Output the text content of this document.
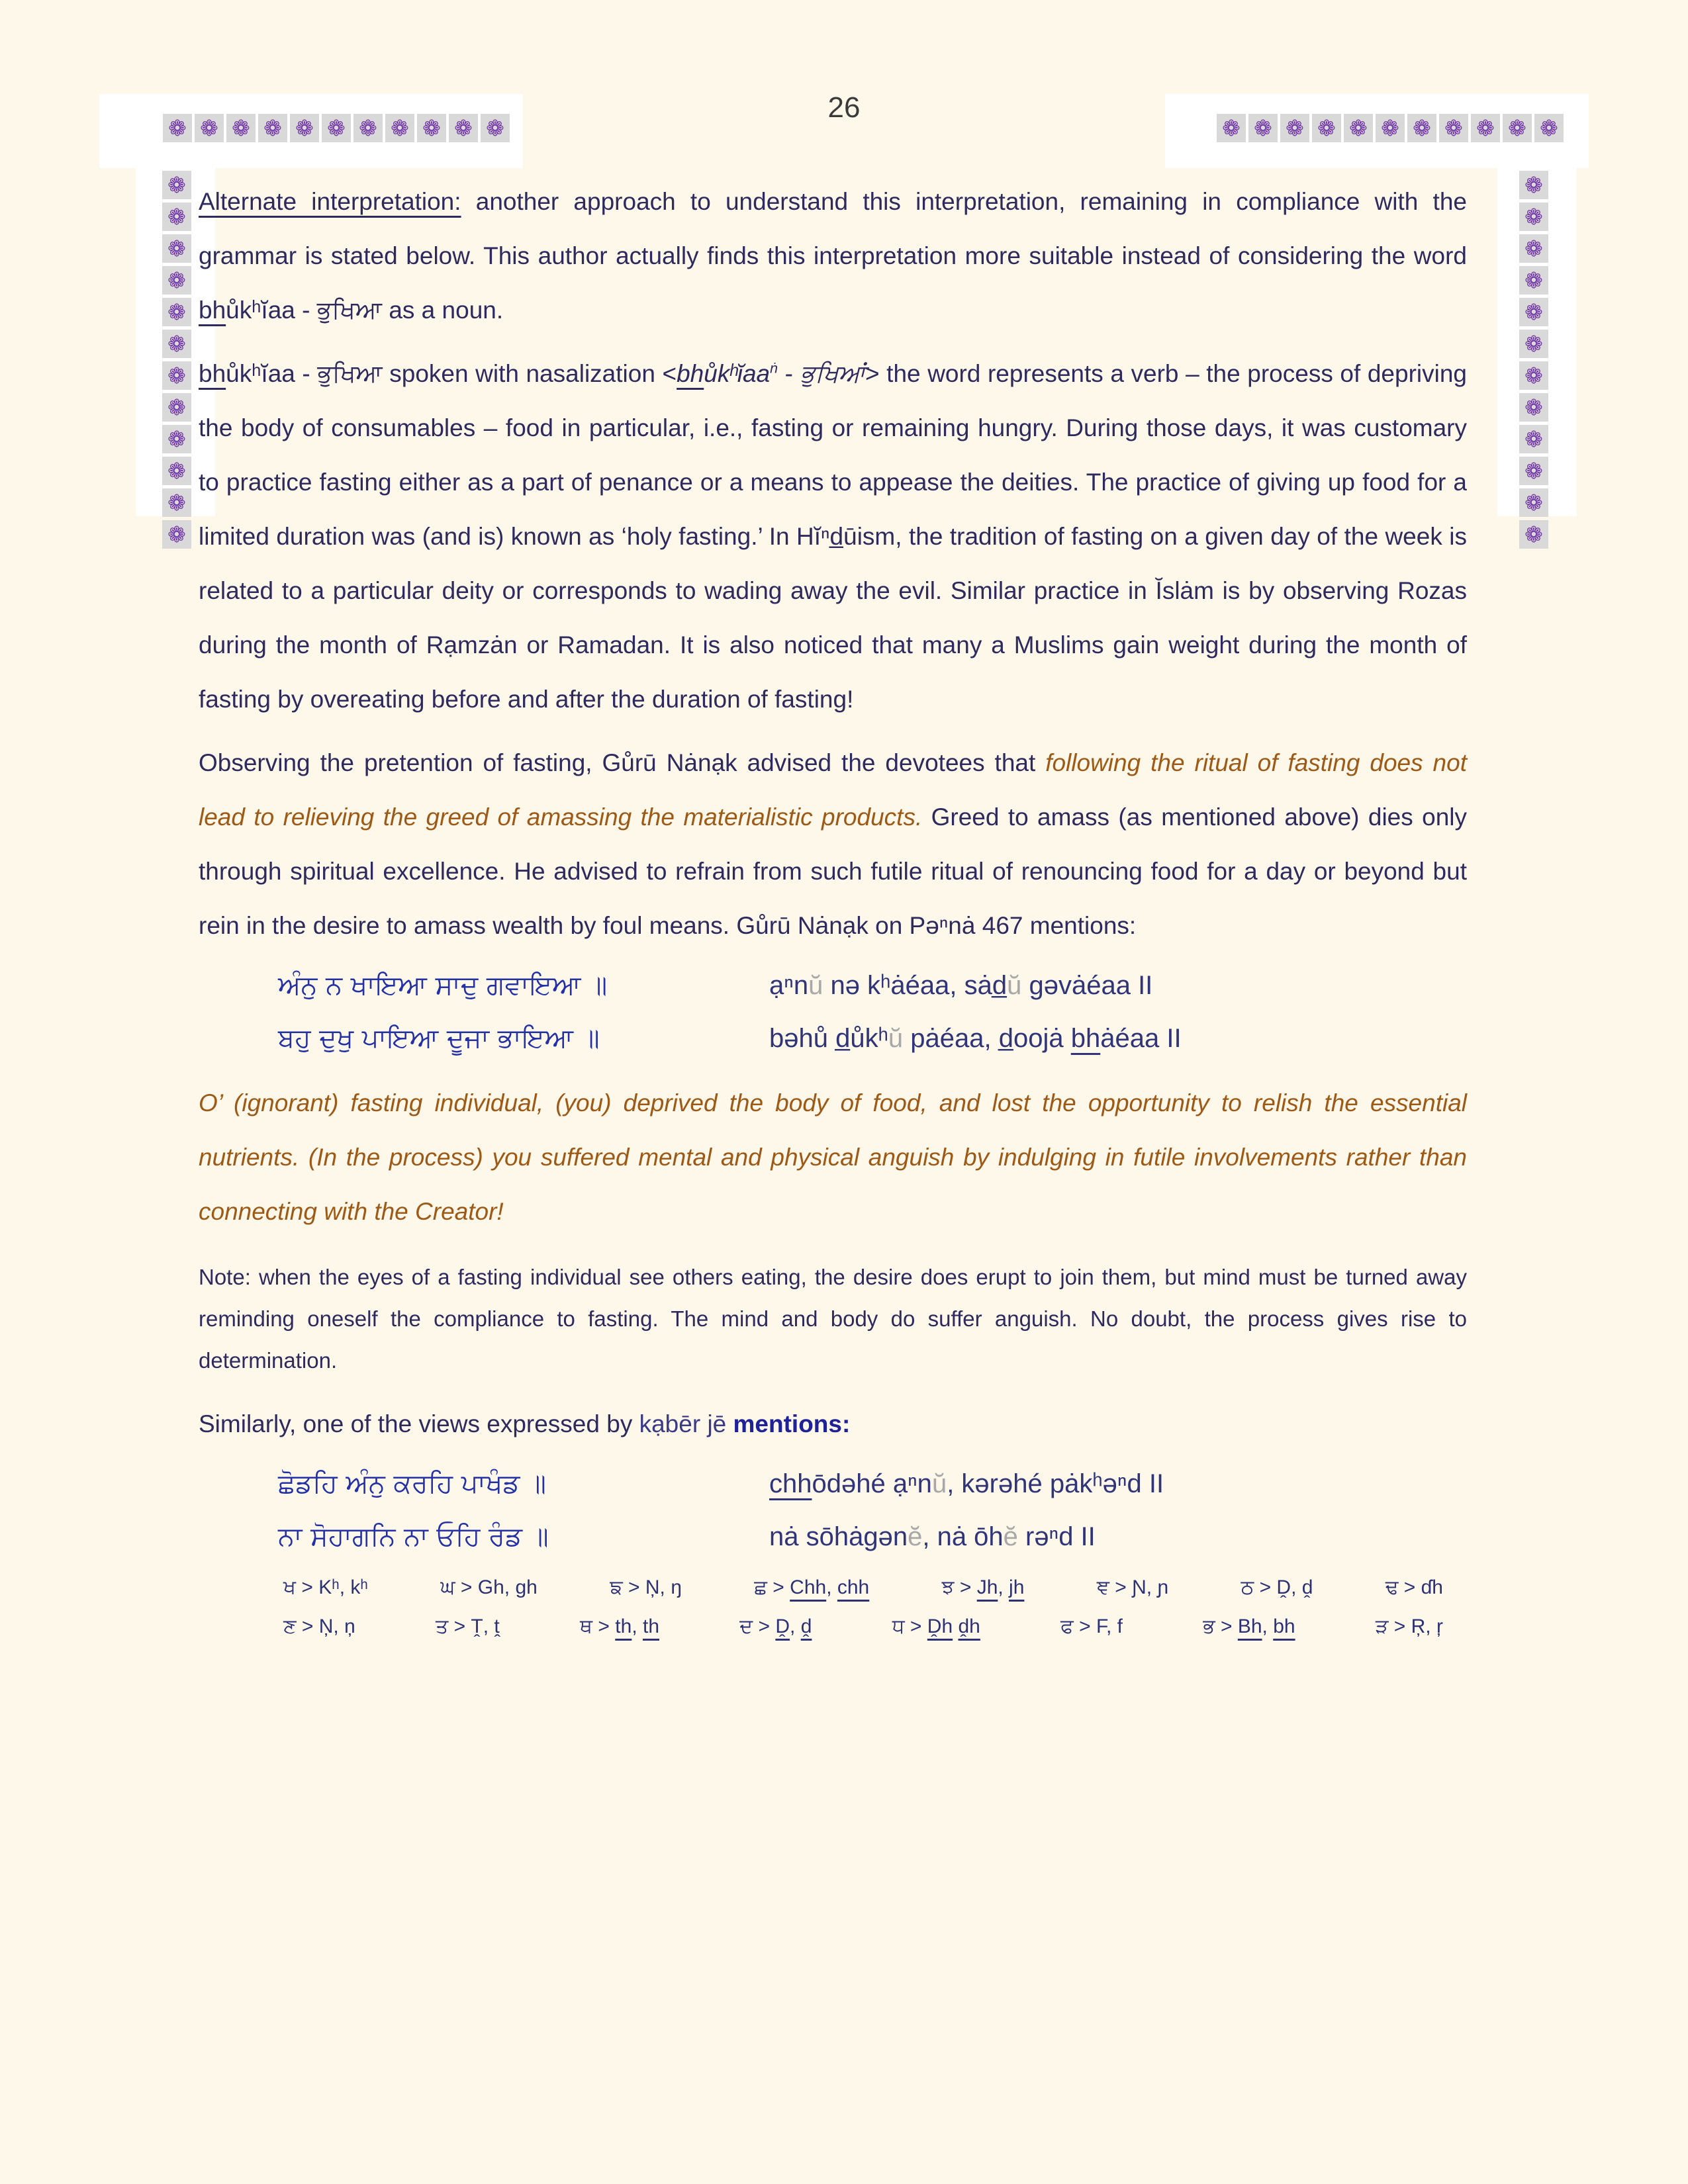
❁ ❁ ❁ ❁ ❁ ❁ ❁ ❁ ❁ ❁ ❁	❁ ❁ ❁ ❁ ❁ ❁ ❁ ❁ ❁ ❁ ❁
❁
❁
❁
❁
❁
❁
❁
❁
❁
❁
❁
❁
❁
❁
❁
❁
❁
❁
❁
❁
❁
❁
❁
❁
26

Alternate interpretation: another approach to understand this interpretation, remaining in compliance with the grammar is stated below. This author actually finds this interpretation more suitable instead of considering the word bhůkʰĭaa - ਭੁਖਿਆ as a noun.

bhůkʰĭaa - ਭੁਖਿਆ spoken with nasalization <bhůkʰĭaa$^ṅ$ - ਭੁਖਿਆਂ> the word represents a verb – the process of depriving the body of consumables – food in particular, i.e., fasting or remaining hungry. During those days, it was customary to practice fasting either as a part of penance or a means to appease the deities. The practice of giving up food for a limited duration was (and is) known as ‘holy fasting.’ In Hĭⁿd̲ūism, the tradition of fasting on a given day of the week is related to a particular deity or corresponds to wading away the evil. Similar practice in Ĭslȧm is by observing Rozas during the month of Rạmzȧn or Ramadan. It is also noticed that many a Muslims gain weight during the month of fasting by overeating before and after the duration of fasting!

Observing the pretention of fasting, Gůrū Nȧnạk advised the devotees that following the ritual of fasting does not lead to relieving the greed of amassing the materialistic products. Greed to amass (as mentioned above) dies only through spiritual excellence. He advised to refrain from such futile ritual of renouncing food for a day or beyond but rein in the desire to amass wealth by foul means. Gůrū Nȧnạk on Pəⁿnȧ 467 mentions:

ਅੰਨੁ ਨ ਖਾਇਆ ਸਾਦੁ ਗਵਾਇਆ ॥	ạⁿnŭ nə kʰȧéaa, sȧd̲ŭ gəvȧéaa II
ਬਹੁ ਦੁਖੁ ਪਾਇਆ ਦੂਜਾ ਭਾਇਆ ॥	bəhů d̲ůkʰŭ pȧéaa, d̲oojȧ bhȧéaa II

O’ (ignorant) fasting individual, (you) deprived the body of food, and lost the opportunity to relish the essential nutrients. (In the process) you suffered mental and physical anguish by indulging in futile involvements rather than connecting with the Creator!

Note: when the eyes of a fasting individual see others eating, the desire does erupt to join them, but mind must be turned away reminding oneself the compliance to fasting. The mind and body do suffer anguish. No doubt, the process gives rise to determination.

Similarly, one of the views expressed by kạbēr jē mentions:

ਛੋਡਹਿ ਅੰਨੁ ਕਰਹਿ ਪਾਖੰਡ ॥	chhōdəhé ạⁿnŭ, kərəhé pȧkʰəⁿd II
ਨਾ ਸੋਹਾਗਨਿ ਨਾ ਓਹਿ ਰੰਡ ॥	nȧ sōhȧgənĕ, nȧ ōhĕ rəⁿd II
ਖ > Kʰ, kʰ	ਘ > Gh, gh	ਙ > Ņ, ŋ	ਛ > Chh, chh	ਝ > Jh, jh	ਞ > Ɲ, ɲ	ਠ > Ḓ, ḓ	ਢ > ɗh
ਣ > Ņ, ņ	ਤ > Ṱ, ṱ	ਥ > th, th	ਦ > Ḓ, ḓ	ਧ > Ḓh ḓh	ਫ > F, f	ਭ > Bh, bh	ੜ > Ŗ, ŗ
